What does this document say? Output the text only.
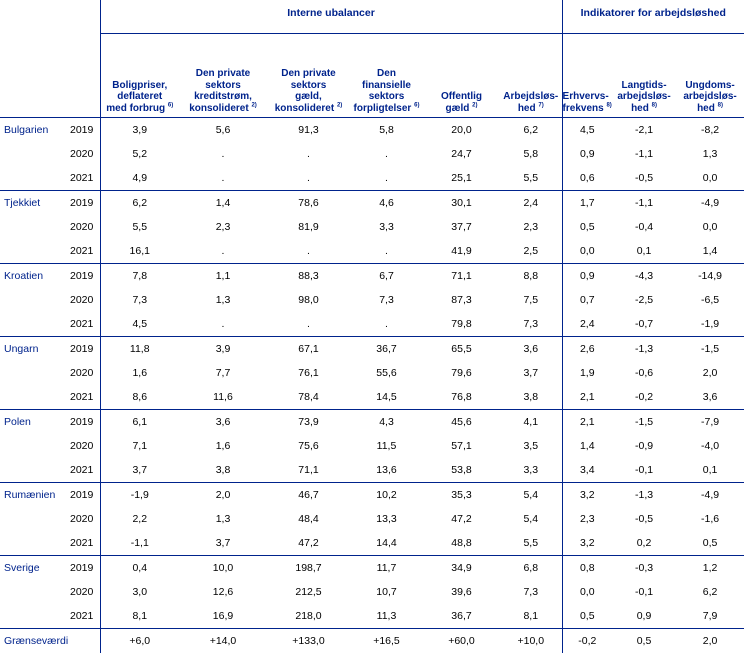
		Interne ubalancer						Indikatorer for arbejdsløshed		
		Boligpriser,
deflateret
med forbrug $^{6)}$	Den private
sektors
kreditstrøm,
konsolideret $^{2)}$	Den private
sektors
gæld,
konsolideret $^{2)}$	Den
finansielle
sektors
forpligtelser $^{6)}$	Offentlig
gæld $^{2)}$	Arbejdsløs-
hed $^{7)}$	Erhvervs-
frekvens $^{8)}$	Langtids-
arbejdsløs-
hed $^{8)}$	Ungdoms-
arbejdsløs-
hed $^{8)}$
Bulgarien	2019	3,9	5,6	91,3	5,8	20,0	6,2	4,5	-2,1	-8,2
	2020	5,2	.	.	.	24,7	5,8	0,9	-1,1	1,3
	2021	4,9	.	.	.	25,1	5,5	0,6	-0,5	0,0
Tjekkiet	2019	6,2	1,4	78,6	4,6	30,1	2,4	1,7	-1,1	-4,9
	2020	5,5	2,3	81,9	3,3	37,7	2,3	0,5	-0,4	0,0
	2021	16,1	.	.	.	41,9	2,5	0,0	0,1	1,4
Kroatien	2019	7,8	1,1	88,3	6,7	71,1	8,8	0,9	-4,3	-14,9
	2020	7,3	1,3	98,0	7,3	87,3	7,5	0,7	-2,5	-6,5
	2021	4,5	.	.	.	79,8	7,3	2,4	-0,7	-1,9
Ungarn	2019	11,8	3,9	67,1	36,7	65,5	3,6	2,6	-1,3	-1,5
	2020	1,6	7,7	76,1	55,6	79,6	3,7	1,9	-0,6	2,0
	2021	8,6	11,6	78,4	14,5	76,8	3,8	2,1	-0,2	3,6
Polen	2019	6,1	3,6	73,9	4,3	45,6	4,1	2,1	-1,5	-7,9
	2020	7,1	1,6	75,6	11,5	57,1	3,5	1,4	-0,9	-4,0
	2021	3,7	3,8	71,1	13,6	53,8	3,3	3,4	-0,1	0,1
Rumænien	2019	-1,9	2,0	46,7	10,2	35,3	5,4	3,2	-1,3	-4,9
	2020	2,2	1,3	48,4	13,3	47,2	5,4	2,3	-0,5	-1,6
	2021	-1,1	3,7	47,2	14,4	48,8	5,5	3,2	0,2	0,5
Sverige	2019	0,4	10,0	198,7	11,7	34,9	6,8	0,8	-0,3	1,2
	2020	3,0	12,6	212,5	10,7	39,6	7,3	0,0	-0,1	6,2
	2021	8,1	16,9	218,0	11,3	36,7	8,1	0,5	0,9	7,9
Grænseværdi		+6,0	+14,0	+133,0	+16,5	+60,0	+10,0	-0,2	0,5	2,0
